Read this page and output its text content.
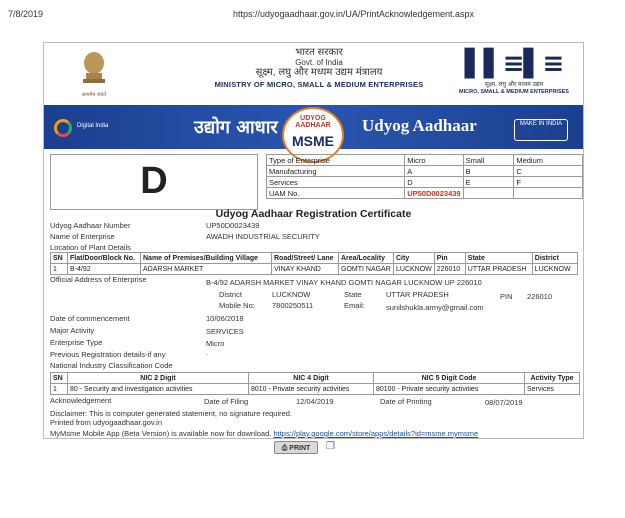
7/8/2019	https://udyogaadhaar.gov.in/UA/PrintAcknowledgement.aspx
सत्यमेव जयते
भारत सरकार
Govt. of India
सूक्ष्म, लघु और मध्यम उद्यम मंत्रालय
MINISTRY OF MICRO, SMALL & MEDIUM ENTERPRISES
▌▌≡▌≡
सूक्ष्म, लघु और मध्यम उद्यम
MICRO, SMALL & MEDIUM ENTERPRISES
Digital India	उद्योग आधार	UDYOG AADHAAR
MSME
Udyog Aadhaar	MAKE IN INDIA
D	Type of Enterprise	Micro	Small	Medium
Manufacturing	A	B	C
Services	D	E	F
UAM No.	UP50D0023439		
Udyog Aadhaar Registration Certificate
Udyog Aadhaar Number	UP50D0023439
Name of Enterprise	AWADH INDUSTRIAL SECURITY
Location of Plant Details
SN	Flat/Door/Block No.	Name of Premises/Building Village	Road/Street/ Lane	Area/Locality	City	Pin	State	District
1	B-4/92	ADARSH MARKET	VINAY KHAND	GOMTI NAGAR	LUCKNOW	226010	UTTAR PRADESH	LUCKNOW
Official Address of Enterprise	B-4/92 ADARSH MARKET VINAY KHAND GOMTI NAGAR LUCKNOW UP 226010
District	LUCKNOW	State	UTTAR PRADESH	PIN 226010
Mobile No: 7800250511	Email:	sunilshukla.army@gmail.com
Date of commencement	10/06/2018
Major Activity	SERVICES
Enterprise Type	Micro
Previous Registration details-if any	-
National Industry Classification Code
SN	NIC 2 Digit	NIC 4 Digit	NIC 5 Digit Code	Activity Type
1	80 - Security and investigation activities	8010 - Private security activities	80100 - Private security activities	Services
Acknowledgement	Date of Filing	12/04/2019	Date of Printing	08/07/2019
Disclaimer: This is computer generated statement, no signature required.
Printed from udyogaadhaar.gov.in
MyMsme Mobile App (Beta Version) is available now for download. https://play.google.com/store/apps/details?id=msme.mymsme
⎙ PRINT	❐
